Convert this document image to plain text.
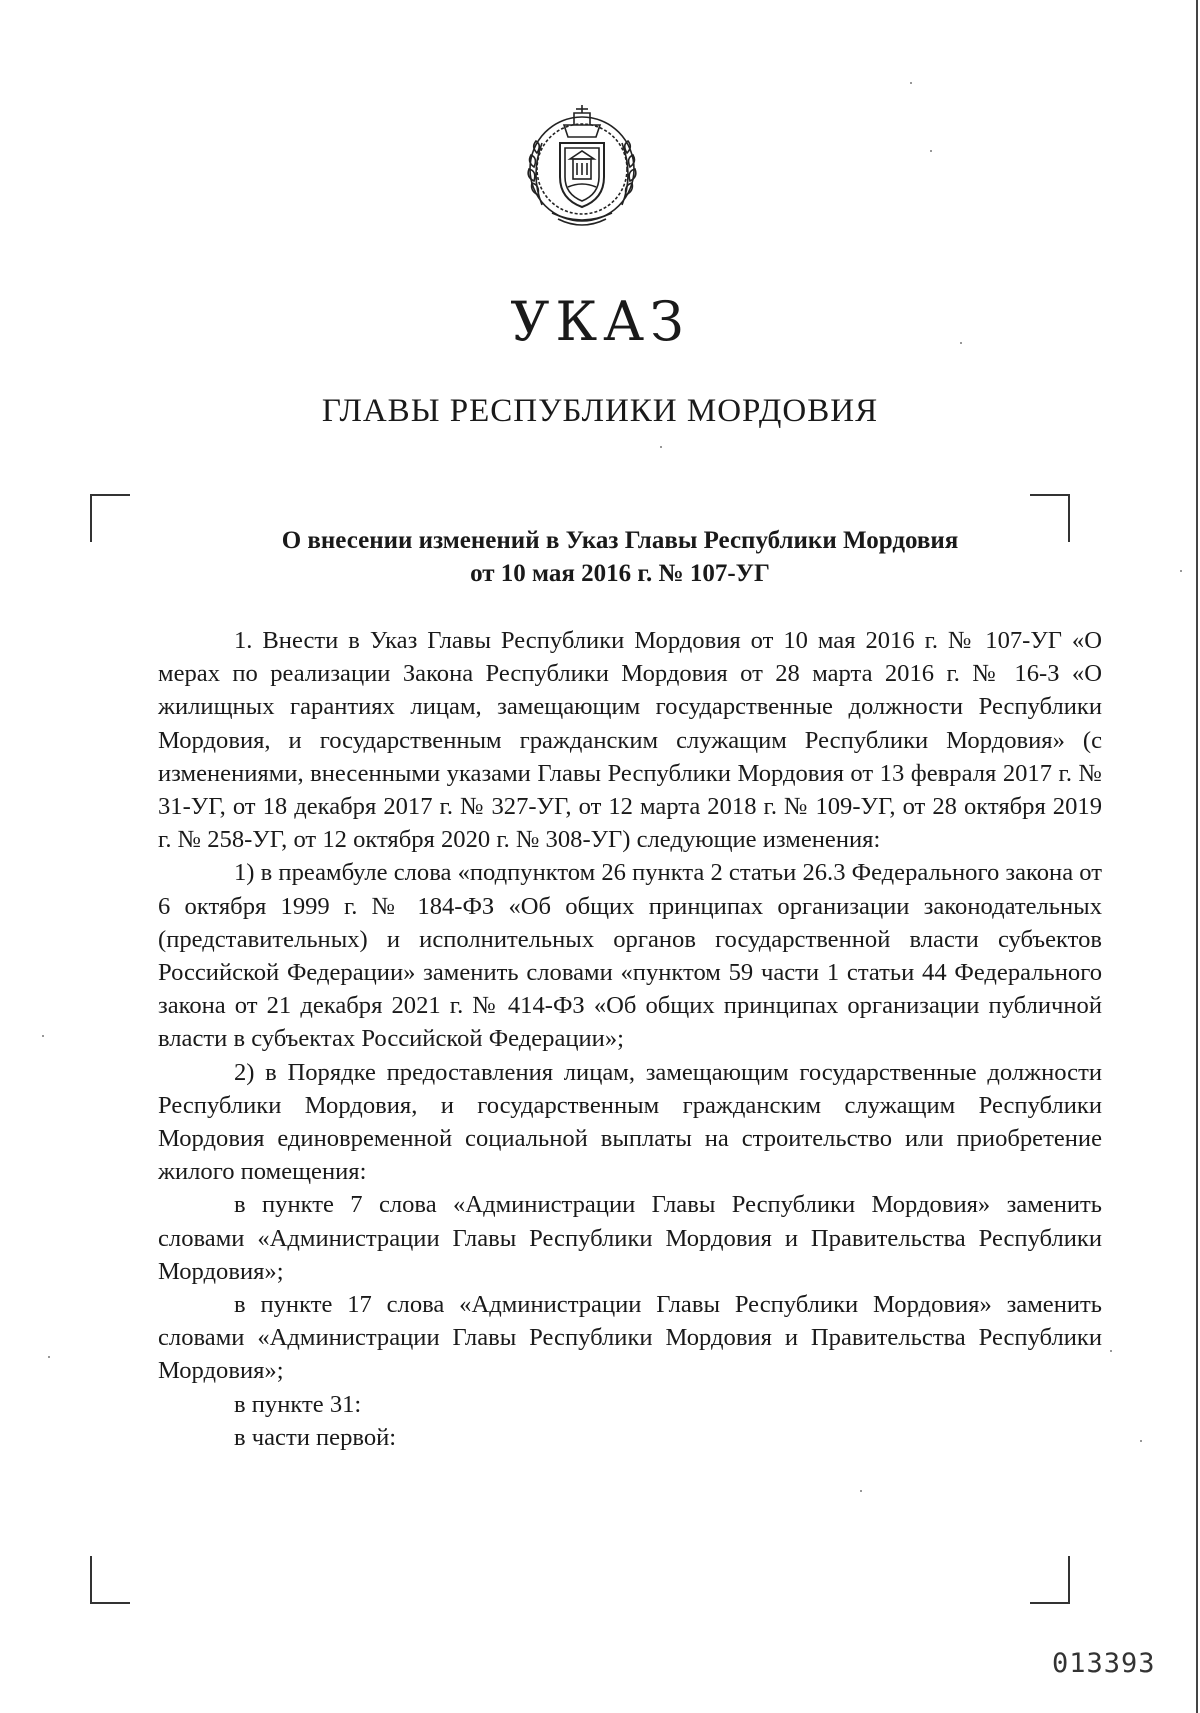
УКАЗ
ГЛАВЫ РЕСПУБЛИКИ МОРДОВИЯ
О внесении изменений в Указ Главы Республики Мордовия
от 10 мая 2016 г. № 107-УГ

1. Внести в Указ Главы Республики Мордовия от 10 мая 2016 г. № 107-УГ «О мерах по реализации Закона Республики Мордовия от 28 марта 2016 г. № 16-З «О жилищных гарантиях лицам, замещающим государственные должности Республики Мордовия, и государственным гражданским служащим Республики Мордовия» (с изменениями, внесенными указами Главы Республики Мордовия от 13 февраля 2017 г. № 31-УГ, от 18 декабря 2017 г. № 327-УГ, от 12 марта 2018 г. № 109-УГ, от 28 октября 2019 г. № 258-УГ, от 12 октября 2020 г. № 308-УГ) следующие изменения:

1) в преамбуле слова «подпунктом 26 пункта 2 статьи 26.3 Федерального закона от 6 октября 1999 г. № 184-ФЗ «Об общих принципах организации законодательных (представительных) и исполнительных органов государственной власти субъектов Российской Федерации» заменить словами «пунктом 59 части 1 статьи 44 Федерального закона от 21 декабря 2021 г. № 414-ФЗ «Об общих принципах организации публичной власти в субъектах Российской Федерации»;

2) в Порядке предоставления лицам, замещающим государственные должности Республики Мордовия, и государственным гражданским служащим Республики Мордовия единовременной социальной выплаты на строительство или приобретение жилого помещения:

в пункте 7 слова «Администрации Главы Республики Мордовия» заменить словами «Администрации Главы Республики Мордовия и Правительства Республики Мордовия»;

в пункте 17 слова «Администрации Главы Республики Мордовия» заменить словами «Администрации Главы Республики Мордовия и Правительства Республики Мордовия»;

в пункте 31:

в части первой:

013393
